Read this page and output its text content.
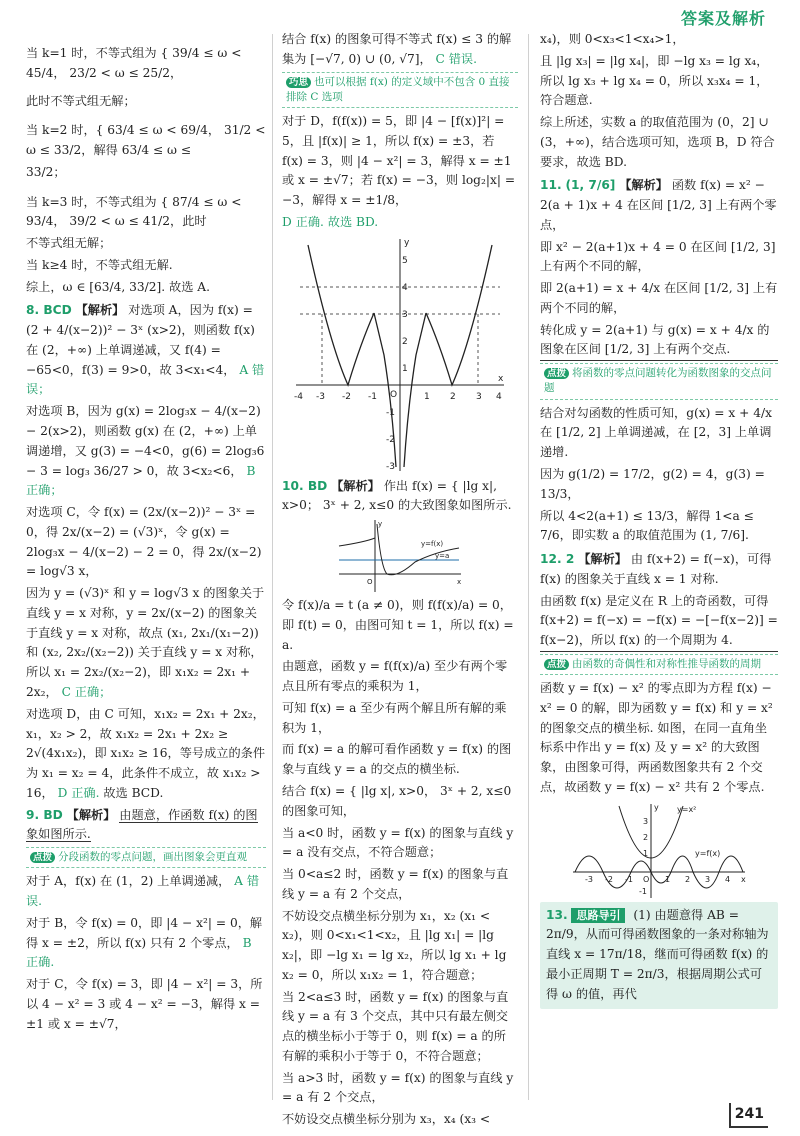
答案及解析

当 k=1 时，不等式组为 { 39/4 ≤ ω < 45/4， 23/2 < ω ≤ 25/2，

此时不等式组无解；

当 k=2 时，{ 63/4 ≤ ω < 69/4， 31/2 < ω ≤ 33/2，解得 63/4 ≤ ω ≤

33/2；

当 k=3 时，不等式组为 { 87/4 ≤ ω < 93/4， 39/2 < ω ≤ 41/2，此时

不等式组无解；

当 k≥4 时，不等式组无解.

综上，ω ∈ [63/4, 33/2]. 故选 A.

8. BCD 【解析】 对选项 A，因为 f(x) = (2 + 4/(x−2))² − 3ˣ (x>2)，则函数 f(x) 在 (2，+∞) 上单调递减，又 f(4) = −65<0，f(3) = 9>0，故 3<x₁<4， A 错误；

对选项 B，因为 g(x) = 2log₃x − 4/(x−2) − 2(x>2)，则函数 g(x) 在 (2，+∞) 上单调递增，又 g(3) = −4<0，g(6) = 2log₃6 − 3 = log₃ 36/27 > 0，故 3<x₂<6， B 正确；

对选项 C，令 f(x) = (2x/(x−2))² − 3ˣ = 0，得 2x/(x−2) = (√3)ˣ，令 g(x) = 2log₃x − 4/(x−2) − 2 = 0，得 2x/(x−2) = log√3 x，

因为 y = (√3)ˣ 和 y = log√3 x 的图象关于直线 y = x 对称，y = 2x/(x−2) 的图象关于直线 y = x 对称，故点 (x₁, 2x₁/(x₁−2)) 和 (x₂, 2x₂/(x₂−2)) 关于直线 y = x 对称，所以 x₁ = 2x₂/(x₂−2)，即 x₁x₂ = 2x₁ + 2x₂， C 正确；

对选项 D，由 C 可知，x₁x₂ = 2x₁ + 2x₂，x₁，x₂ > 2，故 x₁x₂ = 2x₁ + 2x₂ ≥ 2√(4x₁x₂)，即 x₁x₂ ≥ 16，等号成立的条件为 x₁ = x₂ = 4，此条件不成立，故 x₁x₂ > 16， D 正确. 故选 BCD.

9. BD 【解析】 由题意，作函数 f(x) 的图象如图所示.

点拨 分段函数的零点问题，画出图象会更直观

对于 A，f(x) 在 (1，2) 上单调递减， A 错误.

对于 B，令 f(x) = 0，即 |4 − x²| = 0，解得 x = ±2，所以 f(x) 只有 2 个零点， B 正确.

对于 C，令 f(x) = 3，即 |4 − x²| = 3，所以 4 − x² = 3 或 4 − x² = −3，解得 x = ±1 或 x = ±√7，

结合 f(x) 的图象可得不等式 f(x) ≤ 3 的解集为 [−√7, 0) ∪ (0, √7]， C 错误.

巧思 也可以根据 f(x) 的定义域中不包含 0 直接排除 C 选项

对于 D，f(f(x)) = 5，即 |4 − [f(x)]²| = 5，且 |f(x)| ≥ 1，所以 f(x) = ±3，若 f(x) = 3，则 |4 − x²| = 3，解得 x = ±1 或 x = ±√7；若 f(x) = −3，则 log₂|x| = −3，解得 x = ±1/8，

D 正确. 故选 BD.

-4 -3 -2 -1 O	1 2 3 4
5
4
3
2
1
-1
-2
-3
x
y

10. BD 【解析】 作出 f(x) = { |lg x|, x>0； 3ˣ + 2, x≤0 的大致图象如图所示.

y=f(x)
y=a
O	x
y

令 f(x)/a = t (a ≠ 0)，则 f(f(x)/a) = 0，即 f(t) = 0，由图可知 t = 1，所以 f(x) = a.

由题意，函数 y = f(f(x)/a) 至少有两个零点且所有零点的乘积为 1，

可知 f(x) = a 至少有两个解且所有解的乘积为 1，

而 f(x) = a 的解可看作函数 y = f(x) 的图象与直线 y = a 的交点的横坐标.

结合 f(x) = { |lg x|, x>0， 3ˣ + 2, x≤0 的图象可知，

当 a<0 时，函数 y = f(x) 的图象与直线 y = a 没有交点，不符合题意；

当 0<a≤2 时，函数 y = f(x) 的图象与直线 y = a 有 2 个交点，

不妨设交点横坐标分别为 x₁，x₂ (x₁ < x₂)，则 0<x₁<1<x₂，且 |lg x₁| = |lg x₂|，即 −lg x₁ = lg x₂，所以 lg x₁ + lg x₂ = 0，所以 x₁x₂ = 1，符合题意；

当 2<a≤3 时，函数 y = f(x) 的图象与直线 y = a 有 3 个交点，其中只有最左侧交点的横坐标小于等于 0，则 f(x) = a 的所有解的乘积小于等于 0，不符合题意；

当 a>3 时，函数 y = f(x) 的图象与直线 y = a 有 2 个交点，

不妨设交点横坐标分别为 x₃，x₄ (x₃ <

x₄)，则 0<x₃<1<x₄>1，

且 |lg x₃| = |lg x₄|，即 −lg x₃ = lg x₄，所以 lg x₃ + lg x₄ = 0，所以 x₃x₄ = 1，符合题意.

综上所述，实数 a 的取值范围为 (0，2] ∪ (3，+∞)，结合选项可知，选项 B，D 符合要求，故选 BD.

11. (1, 7/6] 【解析】 函数 f(x) = x² − 2(a + 1)x + 4 在区间 [1/2, 3] 上有两个零点，

即 x² − 2(a+1)x + 4 = 0 在区间 [1/2, 3] 上有两个不同的解，

即 2(a+1) = x + 4/x 在区间 [1/2, 3] 上有两个不同的解，

转化成 y = 2(a+1) 与 g(x) = x + 4/x 的图象在区间 [1/2, 3] 上有两个交点.

点拨 将函数的零点问题转化为函数图象的交点问题

结合对勾函数的性质可知，g(x) = x + 4/x 在 [1/2, 2] 上单调递减，在 [2，3] 上单调递增.

因为 g(1/2) = 17/2，g(2) = 4，g(3) = 13/3，

所以 4<2(a+1) ≤ 13/3，解得 1<a ≤ 7/6，即实数 a 的取值范围为 (1, 7/6].

12. 2 【解析】 由 f(x+2) = f(−x)，可得 f(x) 的图象关于直线 x = 1 对称.

由函数 f(x) 是定义在 R 上的奇函数，可得 f(x+2) = f(−x) = −f(x) = −[−f(x−2)] = f(x−2)，所以 f(x) 的一个周期为 4.

点拨 由函数的奇偶性和对称性推导函数的周期

函数 y = f(x) − x² 的零点即为方程 f(x) − x² = 0 的解，即为函数 y = f(x) 和 y = x² 的图象交点的横坐标. 如图，在同一直角坐标系中作出 y = f(x) 及 y = x² 的大致图象，由图象可得，两函数图象共有 2 个交点，故函数 y = f(x) − x² 共有 2 个零点.

y=x²
y=f(x)
O	x
y
-3 -2 -1	1 2 3 4
3
2
1
-1
13. 思路导引 (1) 由题意得 AB = 2π/9，从而可得函数图象的一条对称轴为直线 x = 17π/18，继而可得函数 f(x) 的最小正周期 T = 2π/3，根据周期公式可得 ω 的值，再代
241
